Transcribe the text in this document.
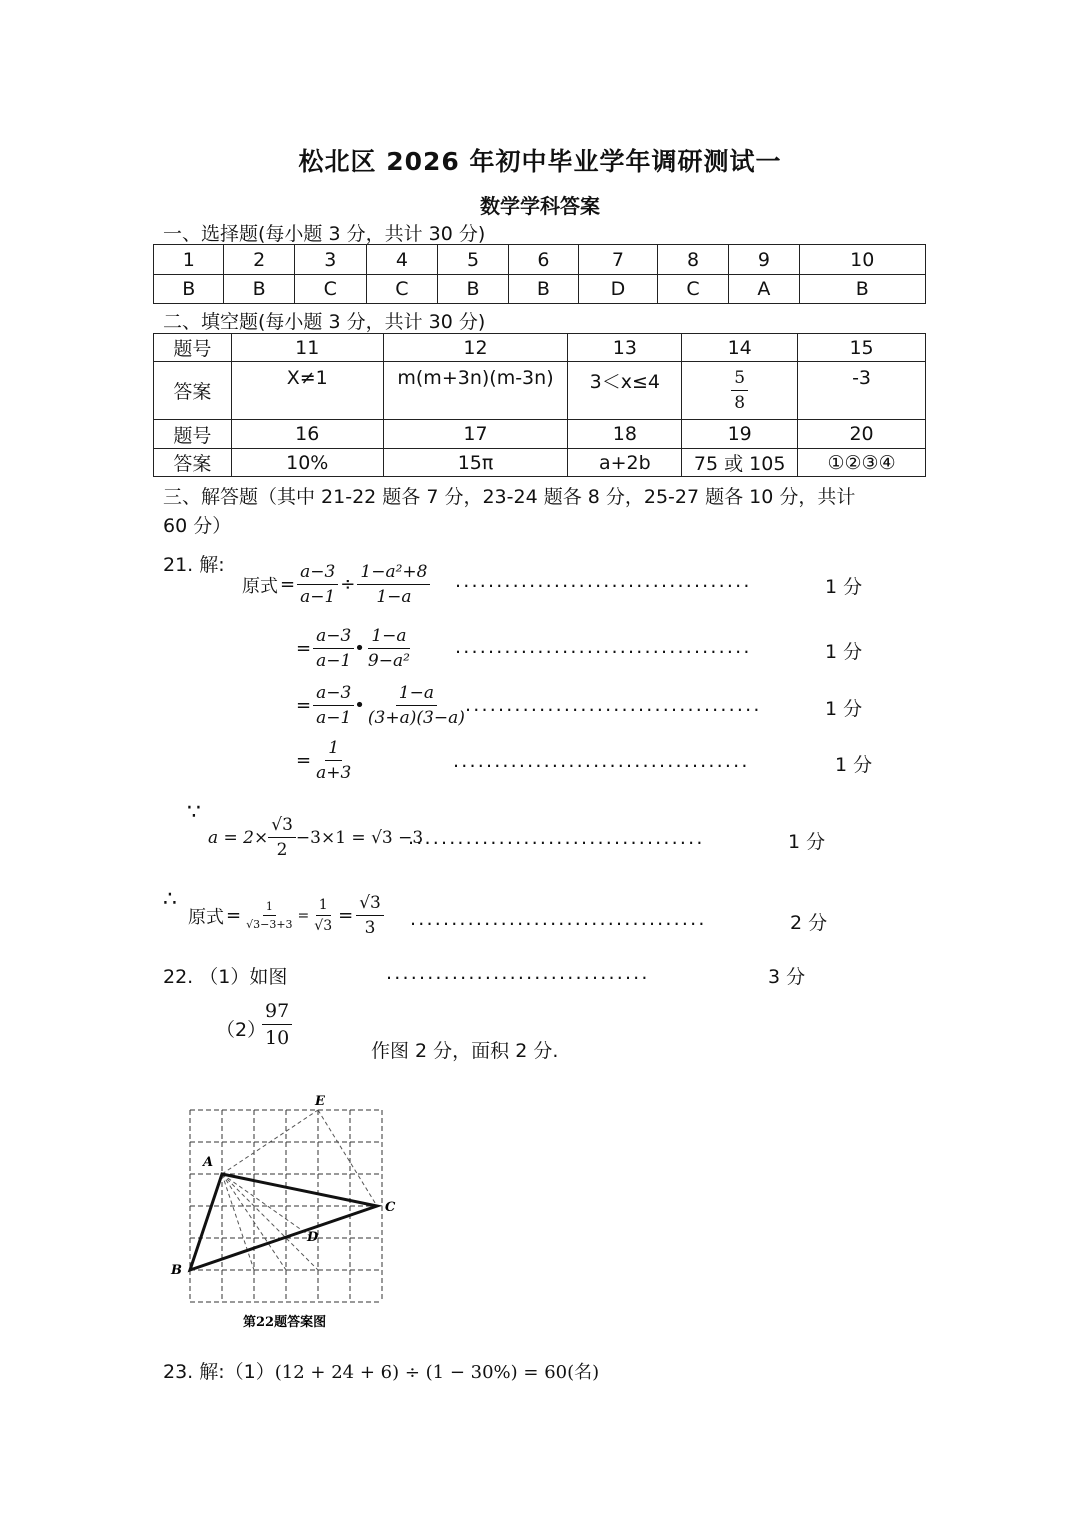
松北区 2026 年初中毕业学年调研测试一
数学学科答案
一、选择题(每小题 3 分，共计 30 分)
1	2	3	4	5	6	7	8	9	10
B	B	C	C	B	B	D	C	A	B
二、填空题(每小题 3 分，共计 30 分)
题号	11	12	13	14	15
答案	X≠1	m(m+3n)(m-3n)	3＜x≤4	$\frac{5}{8}$	-3
题号	16	17	18	19	20
答案	10%	15π	a+2b	75 或 105	①②③④
三、解答题（其中 21-22 题各 7 分，23-24 题各 8 分，25-27 题各 10 分，共计
60 分）
21. 解:
原式 = $\frac{a-3}{a-1} \div \frac{\text{1−a²+8}}{1-a}$ ....................................	1 分
= $\frac{a-3}{a-1}$ • $\frac{1-a}{\text{9−a²}}$ ....................................	1 分
= $\frac{a-3}{a-1}$ • $\frac{1-a}{(3+a)(3-a)}$
....................................	1 分
= $\frac{1}{a+3}$	....................................	1 分
∵
$a = 2\times \frac{√3}{2} -3\times 1 = √3 -3$
....................................	1 分
∴
原式 = $\frac{1}{√3-3+3} = \frac{1}{√3} = \frac{√3}{3}$ ....................................	2 分
22. （1）如图	................................	3 分
（2）
$\frac{97}{10}$
作图 2 分，面积 2 分.
A
B
C
D
E
第22题答案图
23. 解:（1） (12 + 24 + 6) ÷ (1 − 30%) = 60(名)
